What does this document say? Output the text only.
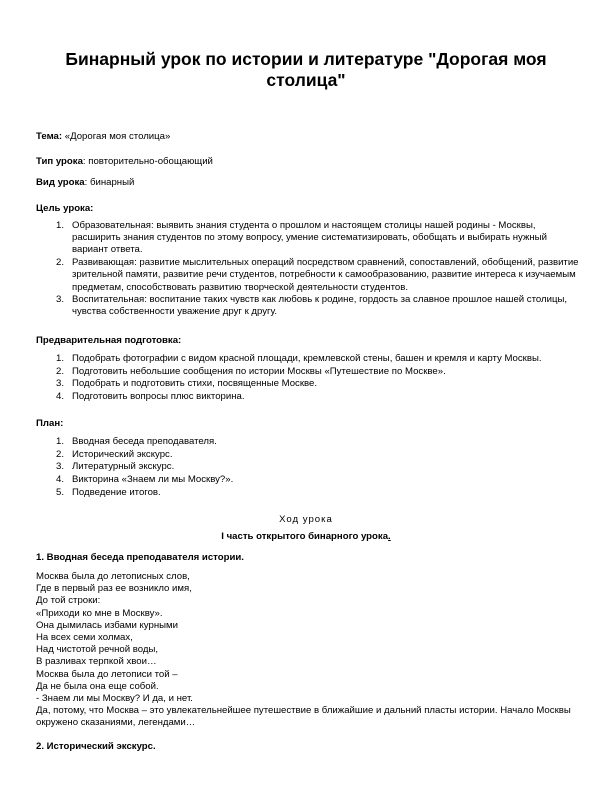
Бинарный урок по истории и литературе "Дорогая моя столица"
Тема: «Дорогая моя столица»
Тип урока: повторительно-обощающий
Вид урока: бинарный
Цель урока:
1. Образовательная: выявить знания студента о прошлом и настоящем столицы нашей родины - Москвы, расширить знания студентов по этому вопросу, умение систематизировать, обобщать и выбирать нужный вариант ответа.
2. Развивающая: развитие мыслительных операций посредством сравнений, сопоставлений, обобщений, развитие зрительной памяти, развитие речи студентов, потребности к самообразованию, развитие интереса к изучаемым предметам, способствовать развитию творческой деятельности студентов.
3. Воспитательная: воспитание таких чувств как любовь к родине, гордость за славное прошлое нашей столицы, чувства собственности уважение друг к другу.
Предварительная подготовка:
1. Подобрать фотографии с видом красной площади, кремлевской стены, башен и кремля и карту Москвы.
2. Подготовить небольшие сообщения по истории Москвы «Путешествие по Москве».
3. Подобрать и подготовить стихи, посвященные Москве.
4. Подготовить вопросы плюс викторина.
План:
1. Вводная беседа преподавателя.
2. Исторический экскурс.
3. Литературный экскурс.
4. Викторина «Знаем ли мы Москву?».
5. Подведение итогов.
Ход урока
I часть открытого бинарного урока.
1. Вводная беседа преподавателя истории.
Москва была до летописных слов,
Где в первый раз ее возникло имя,
До той строки:
«Приходи ко мне в Москву».
Она дымилась избами курными
На всех семи холмах,
Над чистотой речной воды,
В разливах терпкой хвои…
Москва была до летописи той –
Да не была она еще собой.
- Знаем ли мы Москву? И да, и нет.
Да, потому, что Москва – это увлекательнейшее путешествие в ближайшие и дальний пласты истории. Начало Москвы окружено сказаниями, легендами…
2. Исторический экскурс.
